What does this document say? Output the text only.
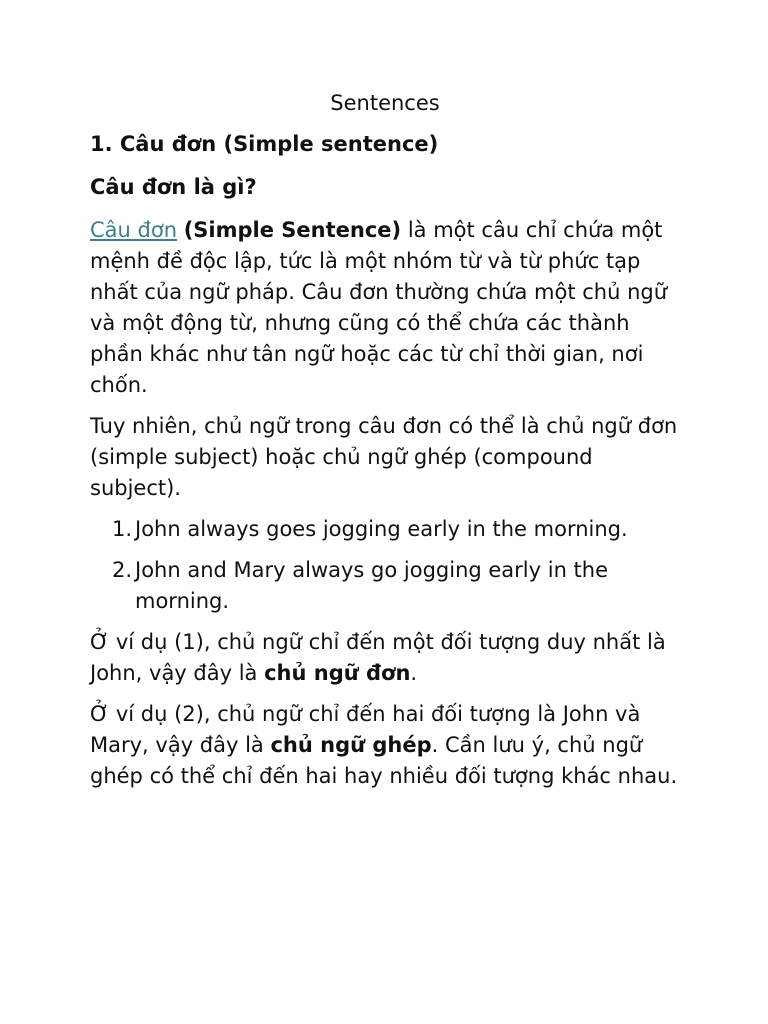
Sentences
1. Câu đơn (Simple sentence)
Câu đơn là gì?

Câu đơn (Simple Sentence) là một câu chỉ chứa một mệnh đề độc lập, tức là một nhóm từ và từ phức tạp nhất của ngữ pháp. Câu đơn thường chứa một chủ ngữ và một động từ, nhưng cũng có thể chứa các thành phần khác như tân ngữ hoặc các từ chỉ thời gian, nơi chốn.

Tuy nhiên, chủ ngữ trong câu đơn có thể là chủ ngữ đơn (simple subject) hoặc chủ ngữ ghép (compound subject).

1. John always goes jogging early in the morning.
2. John and Mary always go jogging early in the morning.

Ở ví dụ (1), chủ ngữ chỉ đến một đối tượng duy nhất là John, vậy đây là chủ ngữ đơn.

Ở ví dụ (2), chủ ngữ chỉ đến hai đối tượng là John và Mary, vậy đây là chủ ngữ ghép. Cần lưu ý, chủ ngữ ghép có thể chỉ đến hai hay nhiều đối tượng khác nhau.
